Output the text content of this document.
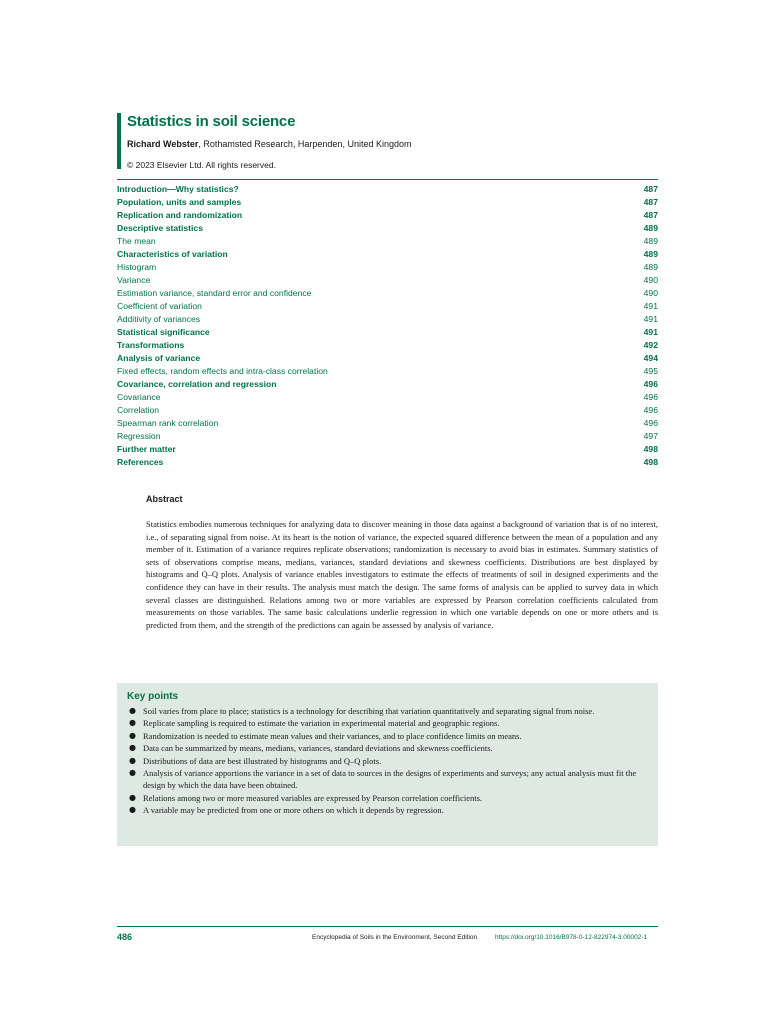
Statistics in soil science
Richard Webster, Rothamsted Research, Harpenden, United Kingdom
© 2023 Elsevier Ltd. All rights reserved.
Introduction—Why statistics?	487
Population, units and samples	487
Replication and randomization	487
Descriptive statistics	489
The mean	489
Characteristics of variation	489
Histogram	489
Variance	490
Estimation variance, standard error and confidence	490
Coefficient of variation	491
Additivity of variances	491
Statistical significance	491
Transformations	492
Analysis of variance	494
Fixed effects, random effects and intra-class correlation	495
Covariance, correlation and regression	496
Covariance	496
Correlation	496
Spearman rank correlation	496
Regression	497
Further matter	498
References	498
Abstract
Statistics embodies numerous techniques for analyzing data to discover meaning in those data against a background of variation that is of no interest, i.e., of separating signal from noise. At its heart is the notion of variance, the expected squared difference between the mean of a population and any member of it. Estimation of a variance requires replicate observations; randomization is necessary to avoid bias in estimates. Summary statistics of sets of observations comprise means, medians, variances, standard deviations and skewness coefficients. Distributions are best displayed by histograms and Q–Q plots. Analysis of variance enables investigators to estimate the effects of treatments of soil in designed experiments and the confidence they can have in their results. The analysis must match the design. The same forms of analysis can be applied to survey data in which several classes are distinguished. Relations among two or more variables are expressed by Pearson correlation coefficients calculated from measurements on those variables. The same basic calculations underlie regression in which one variable depends on one or more others and is predicted from them, and the strength of the predictions can again be assessed by analysis of variance.
Key points
● Soil varies from place to place; statistics is a technology for describing that variation quantitatively and separating signal from noise.
● Replicate sampling is required to estimate the variation in experimental material and geographic regions.
● Randomization is needed to estimate mean values and their variances, and to place confidence limits on means.
● Data can be summarized by means, medians, variances, standard deviations and skewness coefficients.
● Distributions of data are best illustrated by histograms and Q–Q plots.
● Analysis of variance apportions the variance in a set of data to sources in the designs of experiments and surveys; any actual analysis must fit the design by which the data have been obtained.
● Relations among two or more measured variables are expressed by Pearson correlation coefficients.
● A variable may be predicted from one or more others on which it depends by regression.
486	Encyclopedia of Soils in the Environment, Second Edition	https://doi.org/10.1016/B978-0-12-822974-3.00002-1
